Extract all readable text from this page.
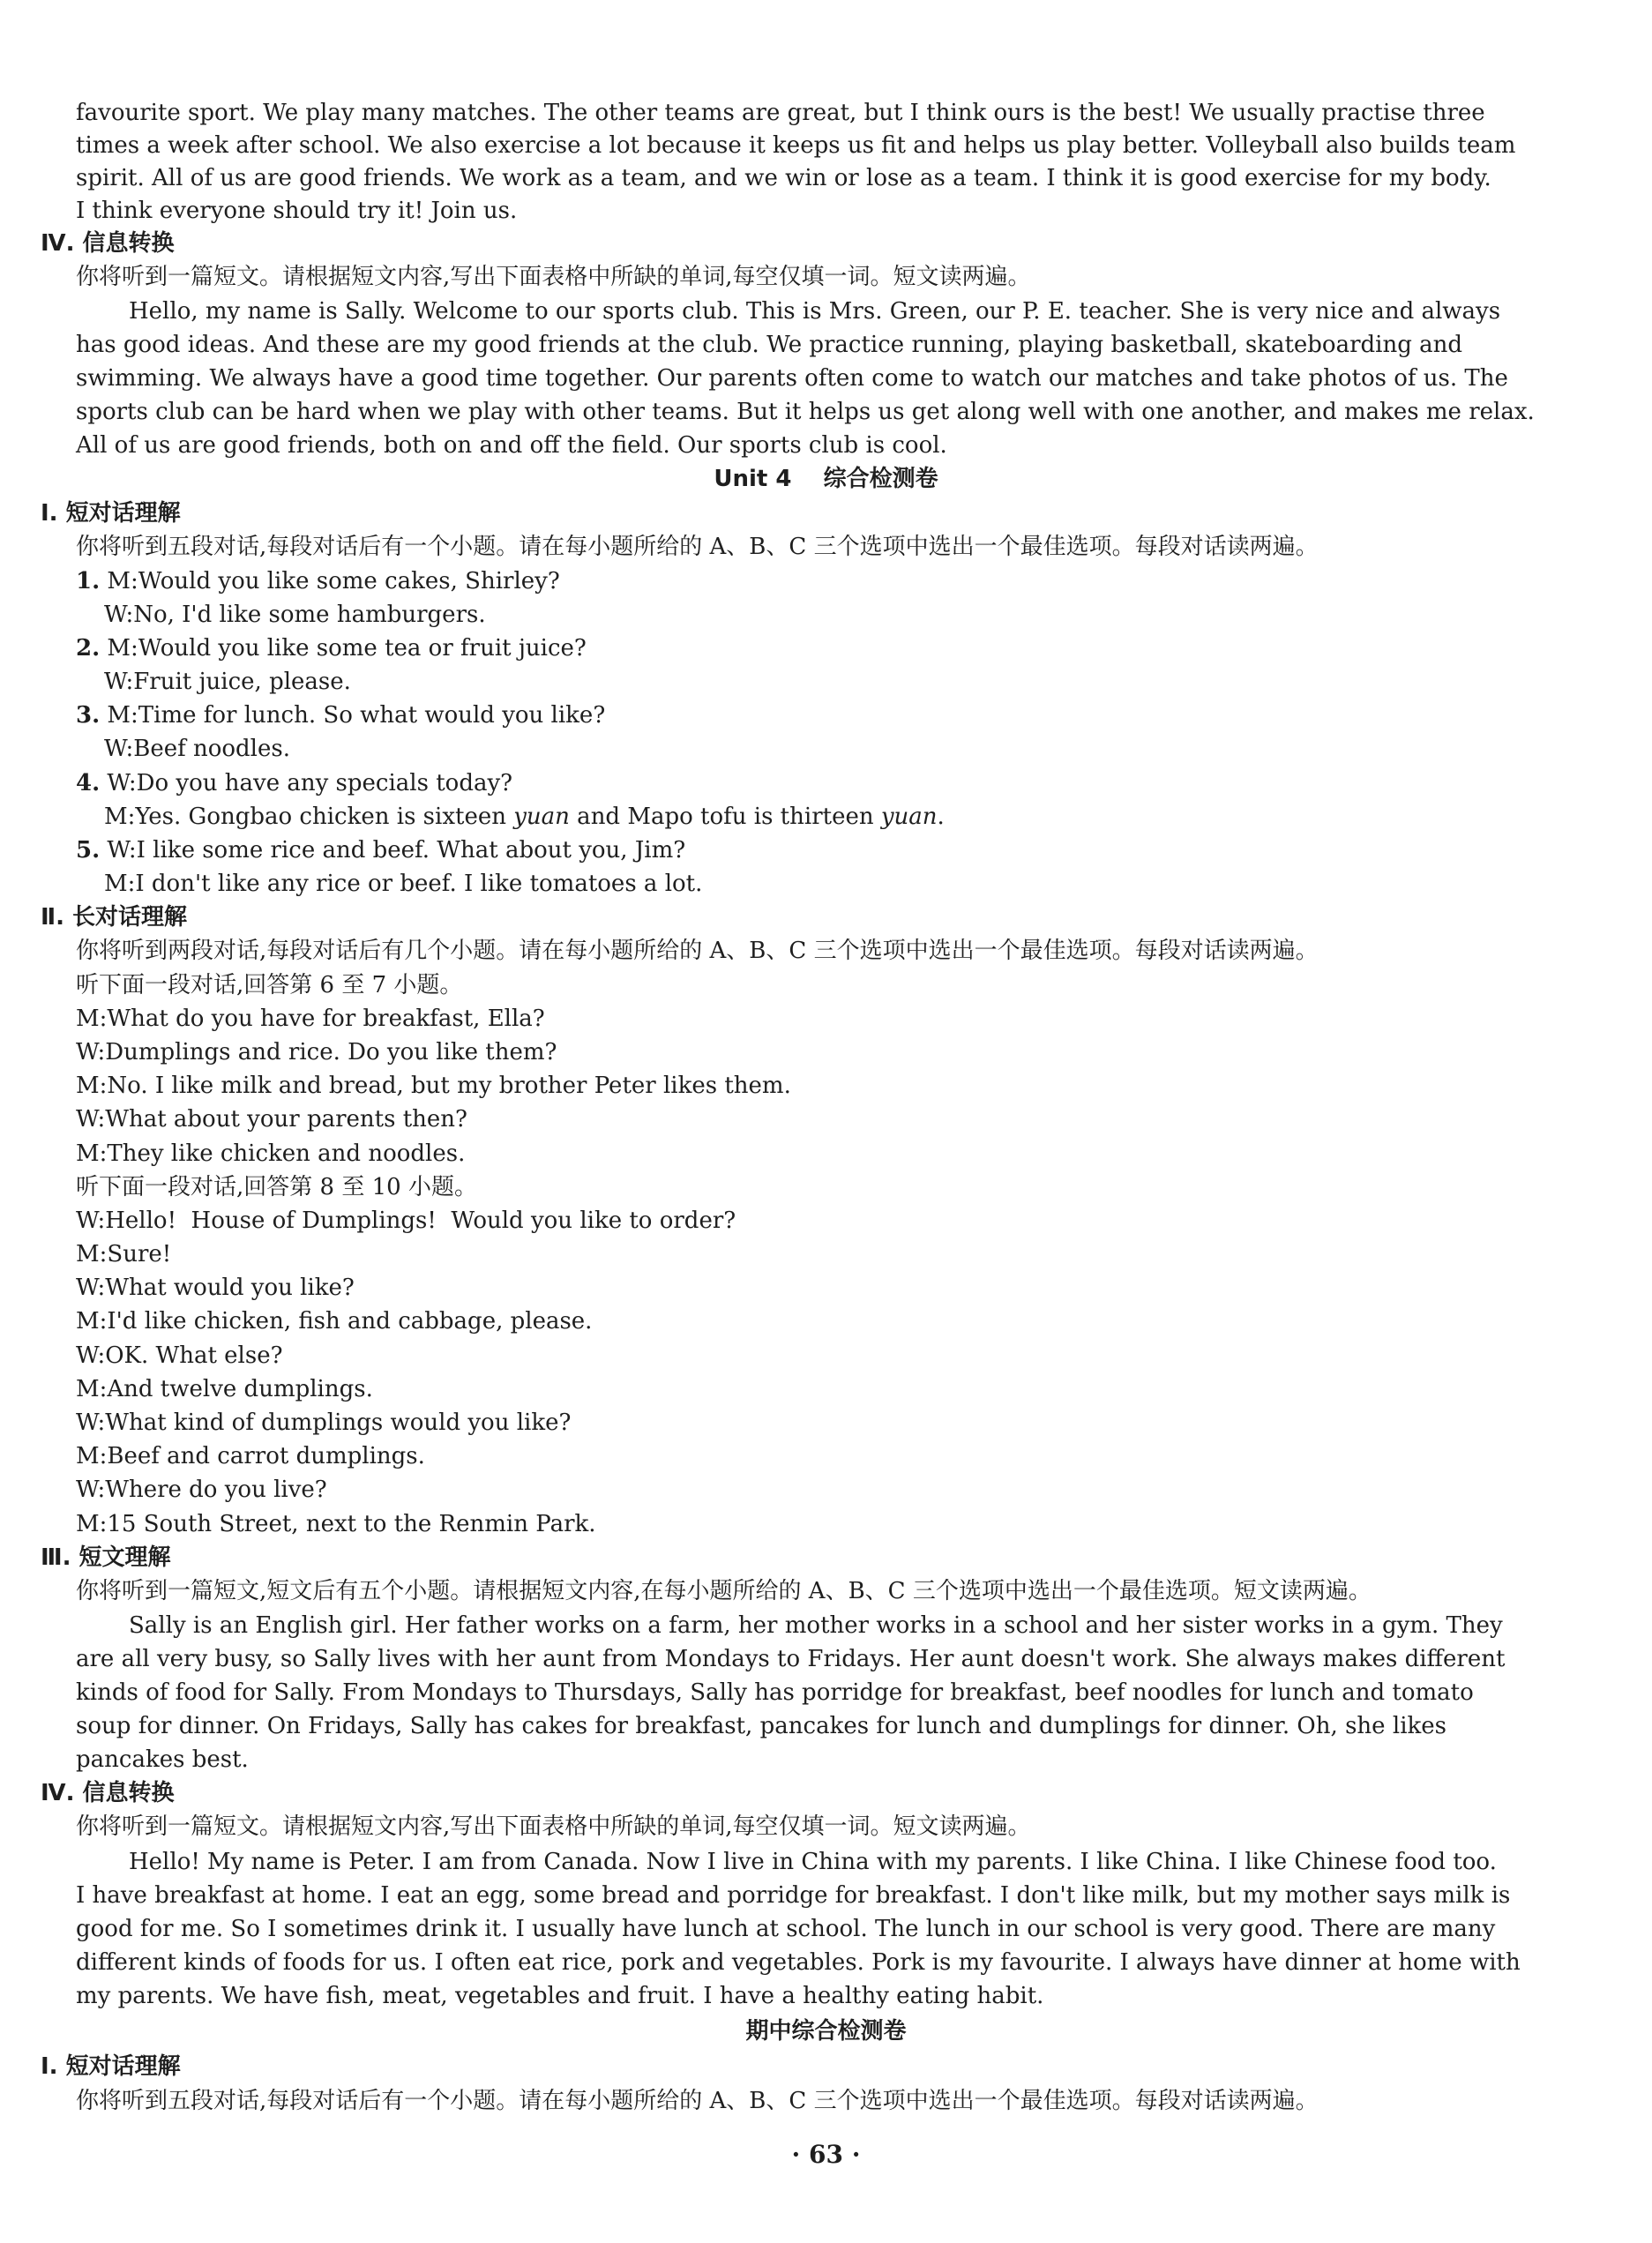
favourite sport. We play many matches. The other teams are great, but I think ours is the best! We usually practise three
times a week after school. We also exercise a lot because it keeps us fit and helps us play better. Volleyball also builds team
spirit. All of us are good friends. We work as a team, and we win or lose as a team. I think it is good exercise for my body.
I think everyone should try it! Join us.
Ⅳ. 信息转换
你将听到一篇短文。请根据短文内容,写出下面表格中所缺的单词,每空仅填一词。短文读两遍。
Hello, my name is Sally. Welcome to our sports club. This is Mrs. Green, our P. E. teacher. She is very nice and always
has good ideas. And these are my good friends at the club. We practice running, playing basketball, skateboarding and
swimming. We always have a good time together. Our parents often come to watch our matches and take photos of us. The
sports club can be hard when we play with other teams. But it helps us get along well with one another, and makes me relax.
All of us are good friends, both on and off the field. Our sports club is cool.
Unit 4    综合检测卷
Ⅰ. 短对话理解
你将听到五段对话,每段对话后有一个小题。请在每小题所给的 A、B、C 三个选项中选出一个最佳选项。每段对话读两遍。
1. M:Would you like some cakes, Shirley?
W:No, I'd like some hamburgers.
2. M:Would you like some tea or fruit juice?
W:Fruit juice, please.
3. M:Time for lunch. So what would you like?
W:Beef noodles.
4. W:Do you have any specials today?
M:Yes. Gongbao chicken is sixteen yuan and Mapo tofu is thirteen yuan.
5. W:I like some rice and beef. What about you, Jim?
M:I don't like any rice or beef. I like tomatoes a lot.
Ⅱ. 长对话理解
你将听到两段对话,每段对话后有几个小题。请在每小题所给的 A、B、C 三个选项中选出一个最佳选项。每段对话读两遍。
听下面一段对话,回答第 6 至 7 小题。
M:What do you have for breakfast, Ella?
W:Dumplings and rice. Do you like them?
M:No. I like milk and bread, but my brother Peter likes them.
W:What about your parents then?
M:They like chicken and noodles.
听下面一段对话,回答第 8 至 10 小题。
W:Hello!  House of Dumplings!  Would you like to order?
M:Sure!
W:What would you like?
M:I'd like chicken, fish and cabbage, please.
W:OK. What else?
M:And twelve dumplings.
W:What kind of dumplings would you like?
M:Beef and carrot dumplings.
W:Where do you live?
M:15 South Street, next to the Renmin Park.
Ⅲ. 短文理解
你将听到一篇短文,短文后有五个小题。请根据短文内容,在每小题所给的 A、B、C 三个选项中选出一个最佳选项。短文读两遍。
Sally is an English girl. Her father works on a farm, her mother works in a school and her sister works in a gym. They
are all very busy, so Sally lives with her aunt from Mondays to Fridays. Her aunt doesn't work. She always makes different
kinds of food for Sally. From Mondays to Thursdays, Sally has porridge for breakfast, beef noodles for lunch and tomato
soup for dinner. On Fridays, Sally has cakes for breakfast, pancakes for lunch and dumplings for dinner. Oh, she likes
pancakes best.
Ⅳ. 信息转换
你将听到一篇短文。请根据短文内容,写出下面表格中所缺的单词,每空仅填一词。短文读两遍。
Hello! My name is Peter. I am from Canada. Now I live in China with my parents. I like China. I like Chinese food too.
I have breakfast at home. I eat an egg, some bread and porridge for breakfast. I don't like milk, but my mother says milk is
good for me. So I sometimes drink it. I usually have lunch at school. The lunch in our school is very good. There are many
different kinds of foods for us. I often eat rice, pork and vegetables. Pork is my favourite. I always have dinner at home with
my parents. We have fish, meat, vegetables and fruit. I have a healthy eating habit.
期中综合检测卷
Ⅰ. 短对话理解
你将听到五段对话,每段对话后有一个小题。请在每小题所给的 A、B、C 三个选项中选出一个最佳选项。每段对话读两遍。
· 63 ·
